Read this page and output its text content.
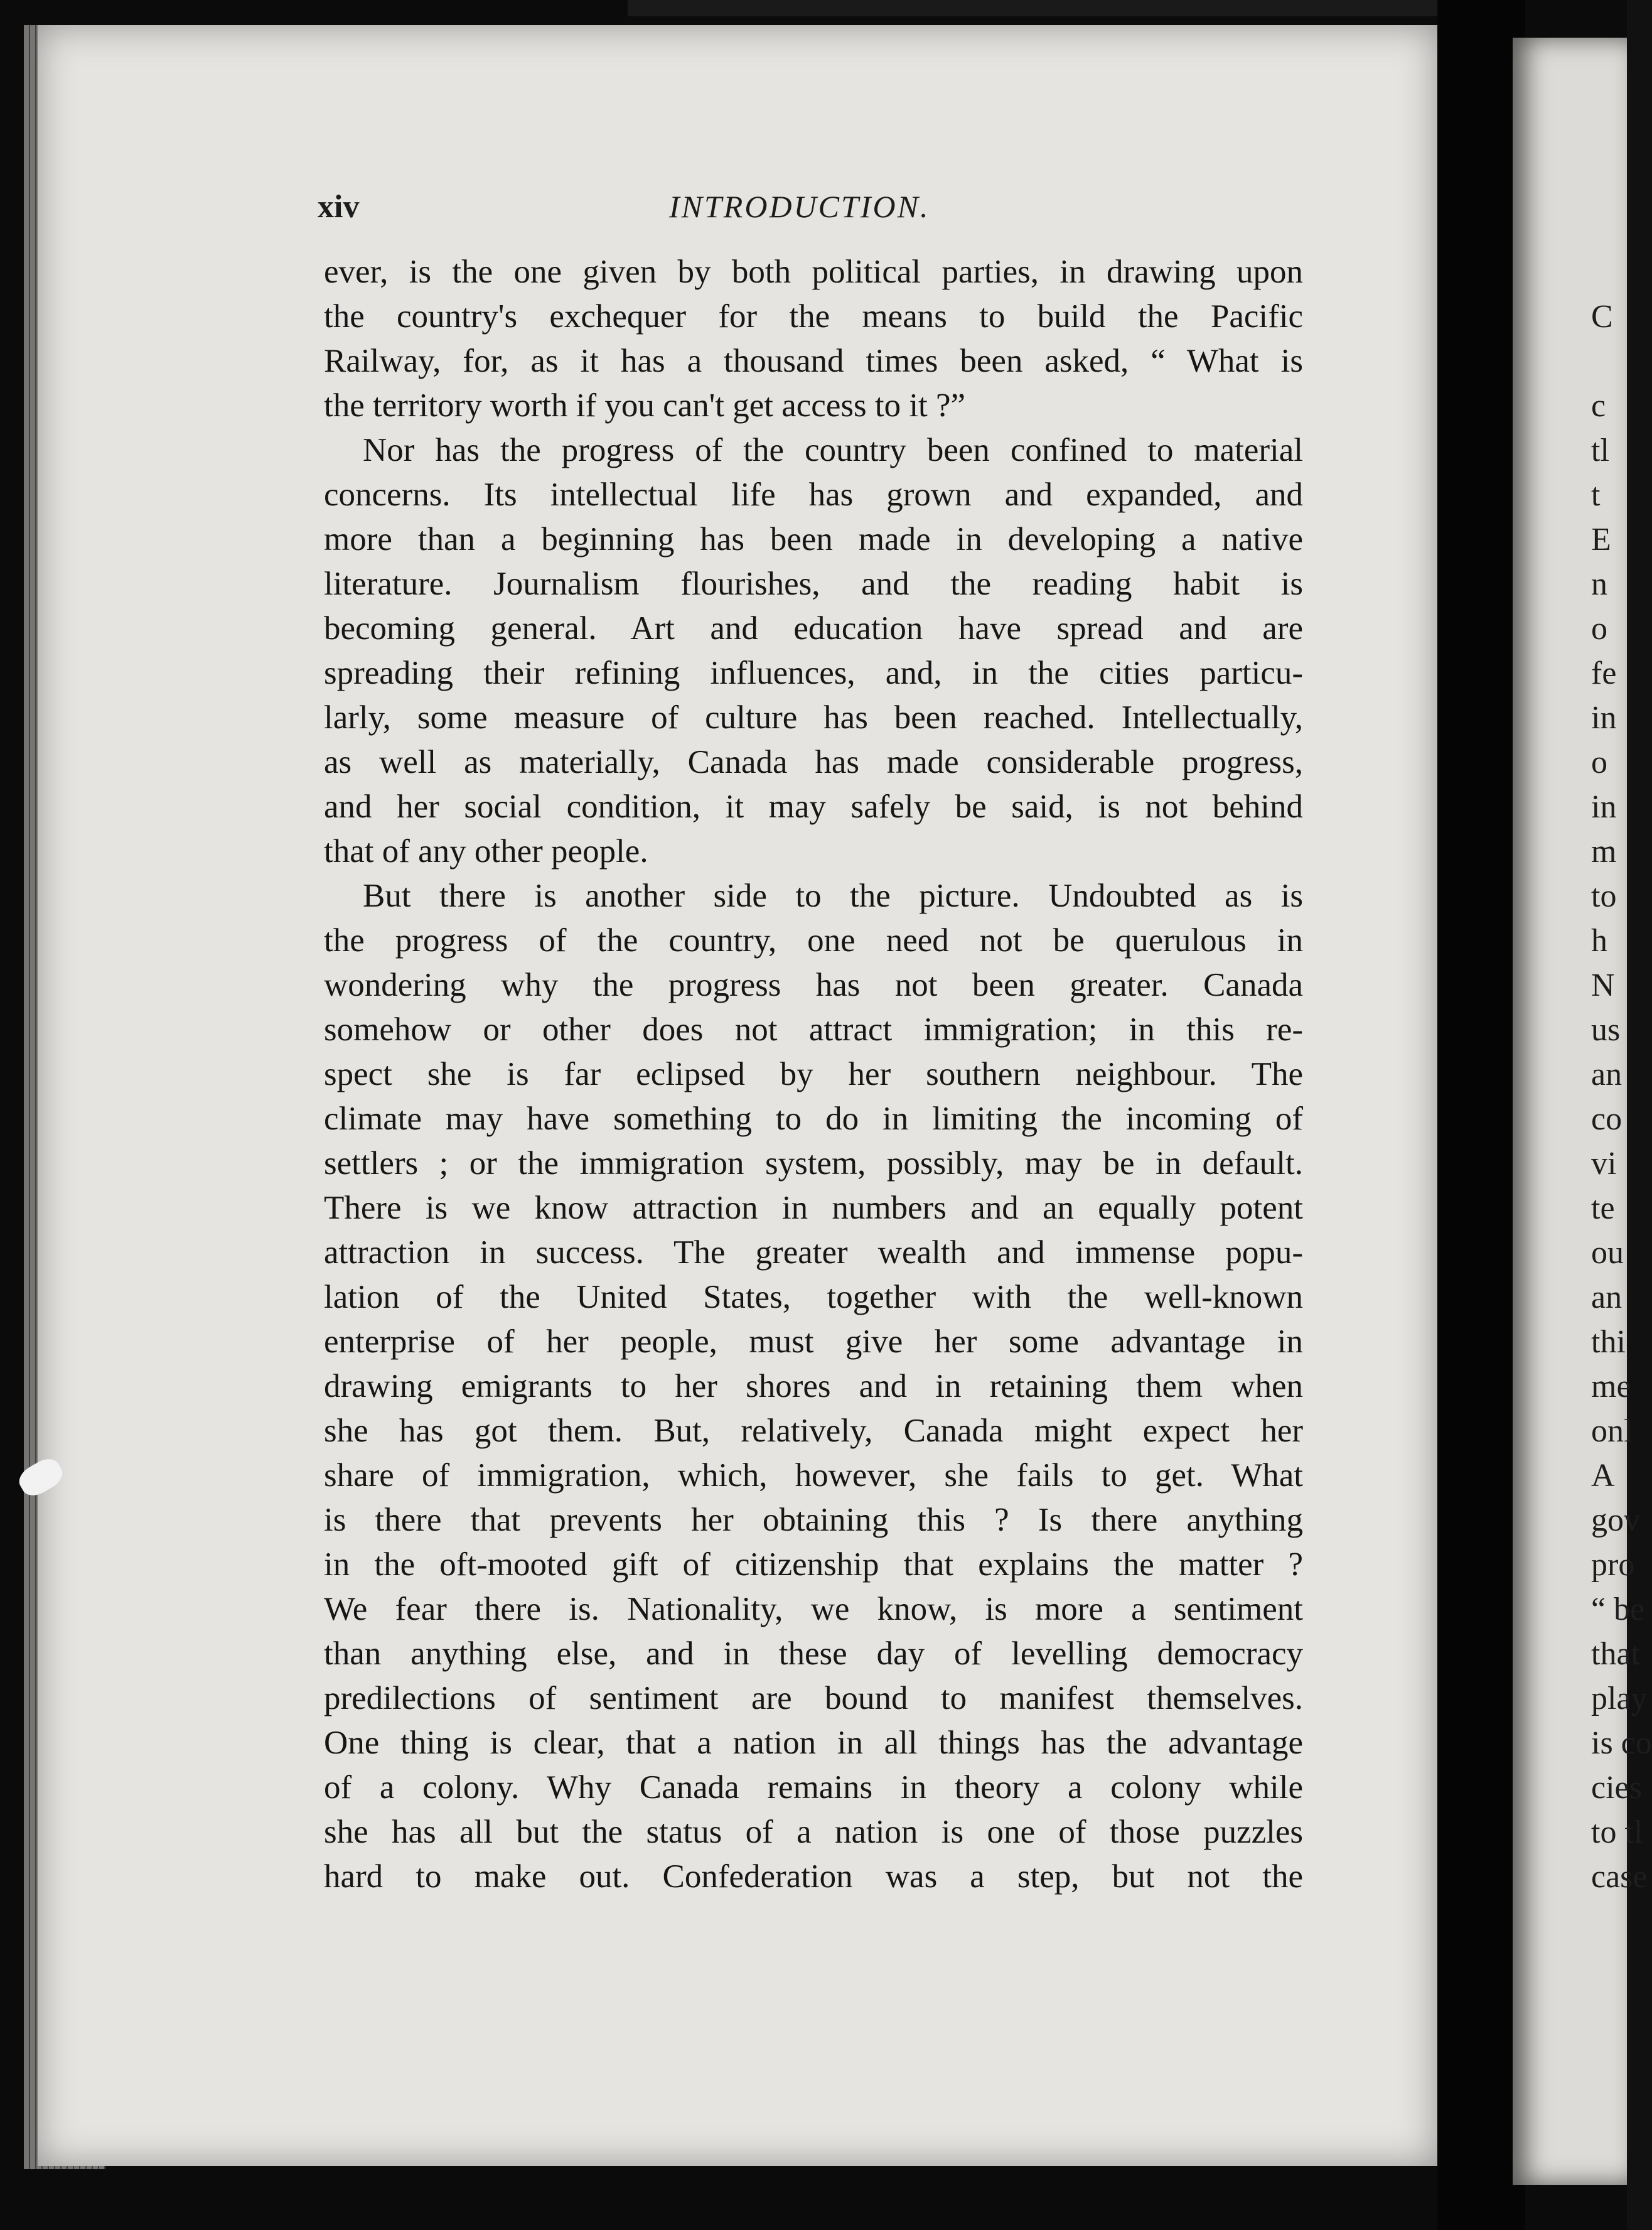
xiv	INTRODUCTION.
ever, is the one given by both political parties, in drawing upon
the country's exchequer for the means to build the Pacific
Railway, for, as it has a thousand times been asked, “ What is
the territory worth if you can't get access to it ?”
Nor has the progress of the country been confined to material
concerns. Its intellectual life has grown and expanded, and
more than a beginning has been made in developing a native
literature. Journalism flourishes, and the reading habit is
becoming general. Art and education have spread and are
spreading their refining influences, and, in the cities particu-
larly, some measure of culture has been reached. Intellectually,
as well as materially, Canada has made considerable progress,
and her social condition, it may safely be said, is not behind
that of any other people.
But there is another side to the picture. Undoubted as is
the progress of the country, one need not be querulous in
wondering why the progress has not been greater. Canada
somehow or other does not attract immigration; in this re-
spect she is far eclipsed by her southern neighbour. The
climate may have something to do in limiting the incoming of
settlers ; or the immigration system, possibly, may be in default.
There is we know attraction in numbers and an equally potent
attraction in success. The greater wealth and immense popu-
lation of the United States, together with the well-known
enterprise of her people, must give her some advantage in
drawing emigrants to her shores and in retaining them when
she has got them. But, relatively, Canada might expect her
share of immigration, which, however, she fails to get. What
is there that prevents her obtaining this ? Is there anything
in the oft-mooted gift of citizenship that explains the matter ?
We fear there is. Nationality, we know, is more a sentiment
than anything else, and in these day of levelling democracy
predilections of sentiment are bound to manifest themselves.
One thing is clear, that a nation in all things has the advantage
of a colony. Why Canada remains in theory a colony while
she has all but the status of a nation is one of those puzzles
hard to make out. Confederation was a step, but not the
C
c
tl
t
E
n
o
fe
in
o
in
m
to
h
N
us
an
co
vi
te
ou
an
thi
me
onl
A
gov
pro
“ be
that
play
is co
cies
to tl
case
